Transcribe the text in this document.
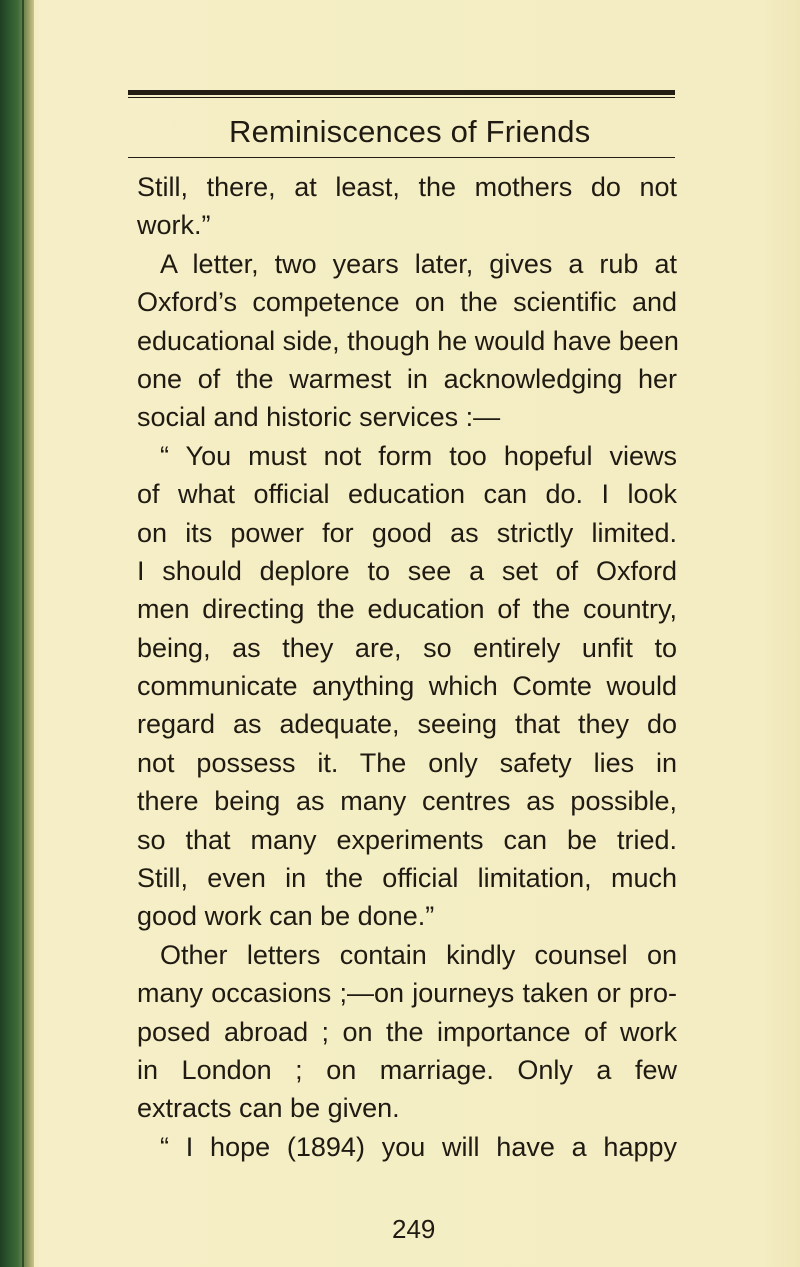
Reminiscences of Friends
Still, there, at least, the mothers do not
work.”
A letter, two years later, gives a rub at
Oxford’s competence on the scientific and
educational side, though he would have been
one of the warmest in acknowledging her
social and historic services :—
“ You must not form too hopeful views
of what official education can do. I look
on its power for good as strictly limited.
I should deplore to see a set of Oxford
men directing the education of the country,
being, as they are, so entirely unfit to
communicate anything which Comte would
regard as adequate, seeing that they do
not possess it. The only safety lies in
there being as many centres as possible,
so that many experiments can be tried.
Still, even in the official limitation, much
good work can be done.”
Other letters contain kindly counsel on
many occasions ;—on journeys taken or pro-
posed abroad ; on the importance of work
in London ; on marriage. Only a few
extracts can be given.
“ I hope (1894) you will have a happy
249
